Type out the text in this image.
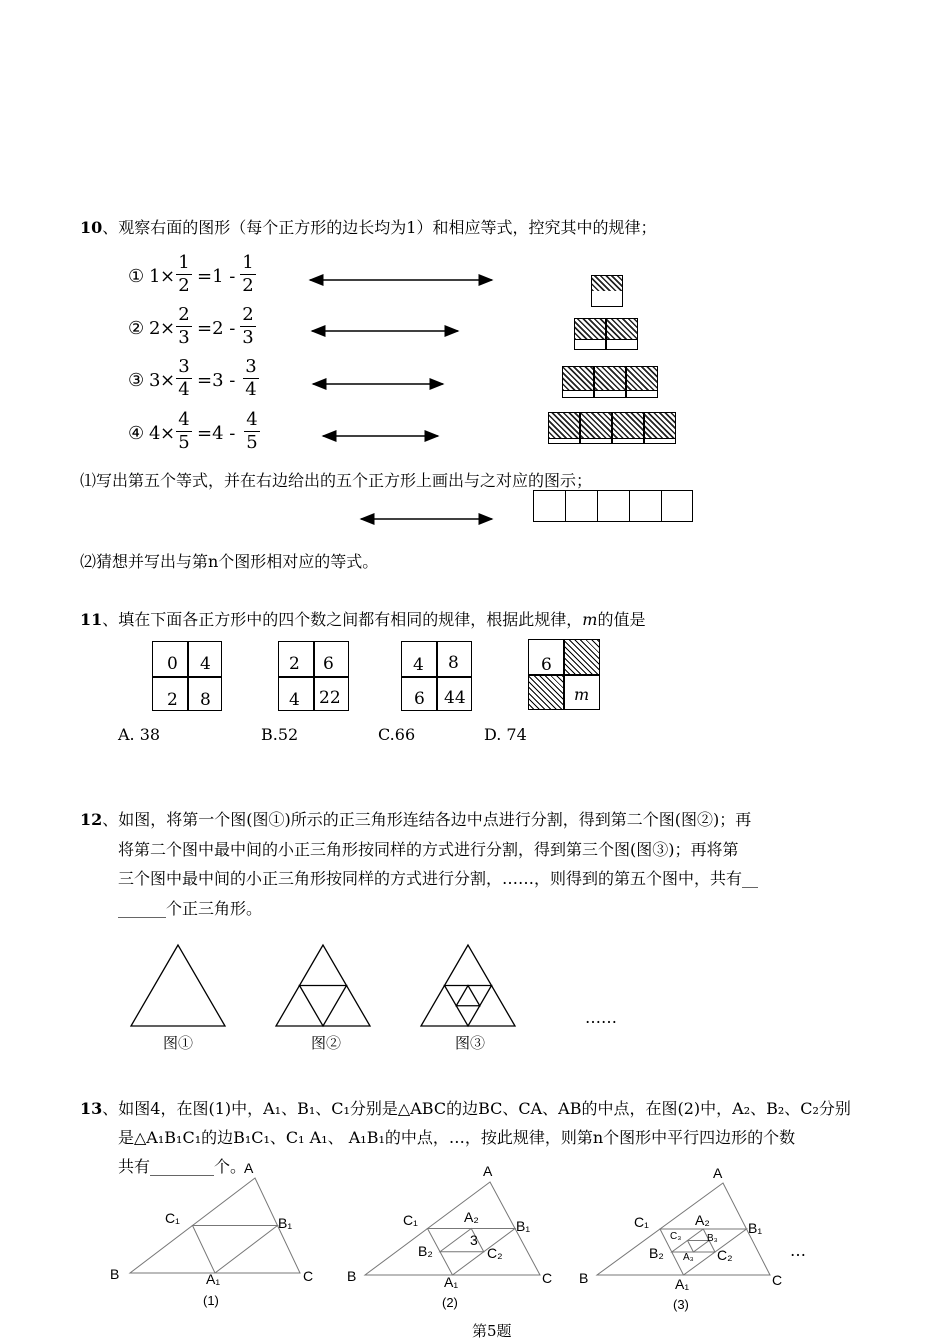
10、观察右面的图形（每个正方形的边长均为1）和相应等式，控究其中的规律；
① 1 ×
1
2 =1 -
1
2
② 2 ×
2
3 =2 -
2
3
③ 3 ×
3
4 =3 -
3
4
④ 4 ×
4
5 =4 -
4
5
⑴写出第五个等式，并在右边给出的五个正方形上画出与之对应的图示；
⑵猜想并写出与第n个图形相对应的等式。
11、填在下面各正方形中的四个数之间都有相同的规律，根据此规律，m的值是
0 4
2 8
2 6
4 22
4 8
6 44
6
m
A. 38	B.52	C.66	D. 74
12、如图，将第一个图(图①)所示的正三角形连结各边中点进行分割，得到第二个图(图②)；再
将第二个图中最中间的小正三角形按同样的方式进行分割，得到第三个图(图③)；再将第
三个图中最中间的小正三角形按同样的方式进行分割，……，则得到的第五个图中，共有__
______个正三角形。
图①	图②	图③
……
13、如图4，在图(1)中，A₁、B₁、C₁分别是△ABC的边BC、CA、AB的中点，在图(2)中，A₂、B₂、C₂分别
是△A₁B₁C₁的边B₁C₁、C₁ A₁、 A₁B₁的中点，…，按此规律，则第n个图形中平行四边形的个数
共有________个。
A
B	C
A₁
B₁
C₁
(1)
A
B	C
A₁
B₁
C₁	A₂
B₂	C₂
3
(2)
A
B	C
A₁
B₁
C₁	A₂
B₂	C₂
A₃
B₃
C₃
(3)
…
第5题
